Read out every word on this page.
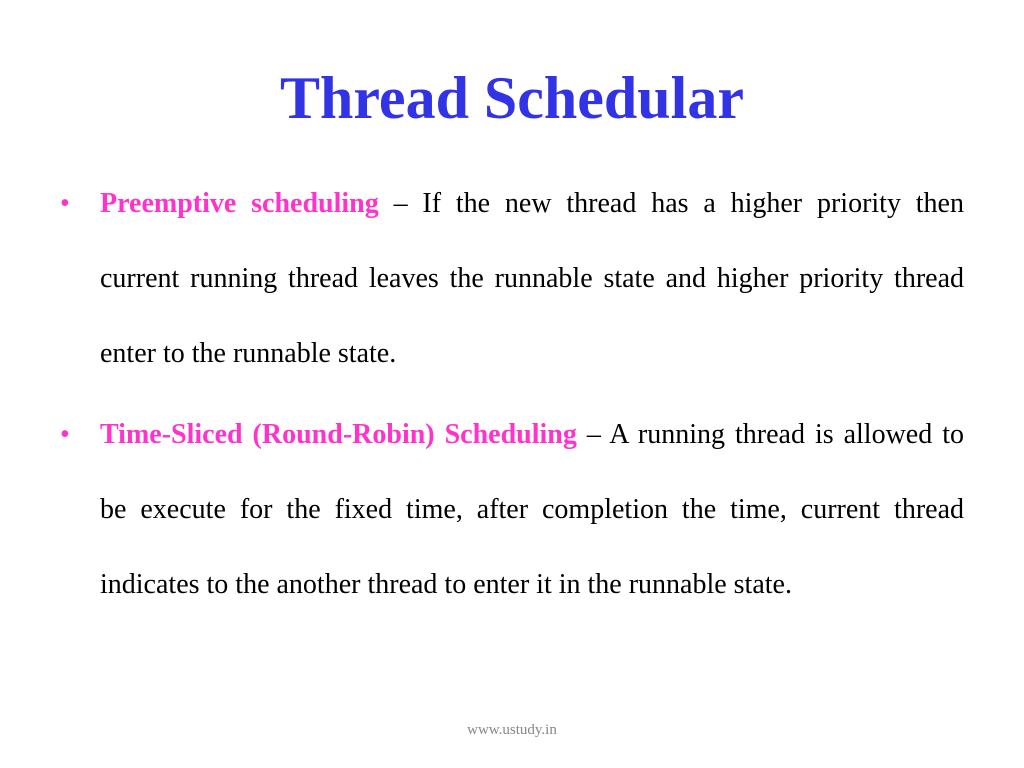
Thread Schedular
• Preemptive scheduling – If the new thread has a higher priority then current running thread leaves the runnable state and higher priority thread enter to the runnable state.
• Time-Sliced (Round-Robin) Scheduling – A running thread is allowed to be execute for the fixed time, after completion the time, current thread indicates to the another thread to enter it in the runnable state.
www.ustudy.in
